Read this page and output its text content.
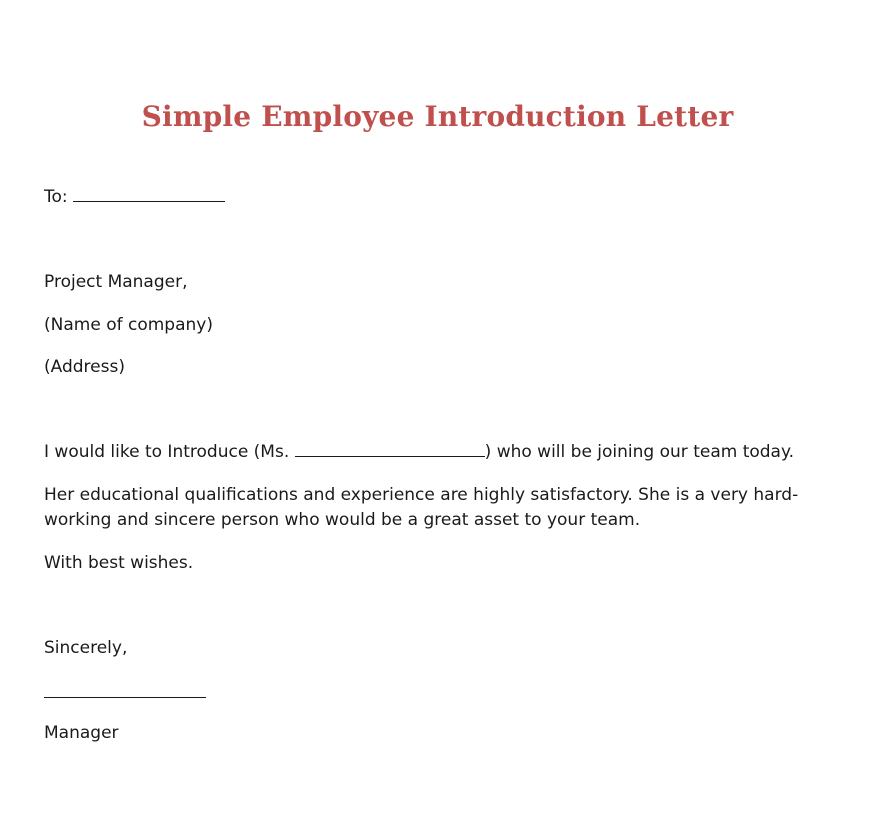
Simple Employee Introduction Letter

To:

Project Manager,

(Name of company)

(Address)

I would like to Introduce (Ms.	) who will be joining our team today.

Her educational qualifications and experience are highly satisfactory. She is a very hard-working and sincere person who would be a great asset to your team.

With best wishes.

Sincerely,

Manager
